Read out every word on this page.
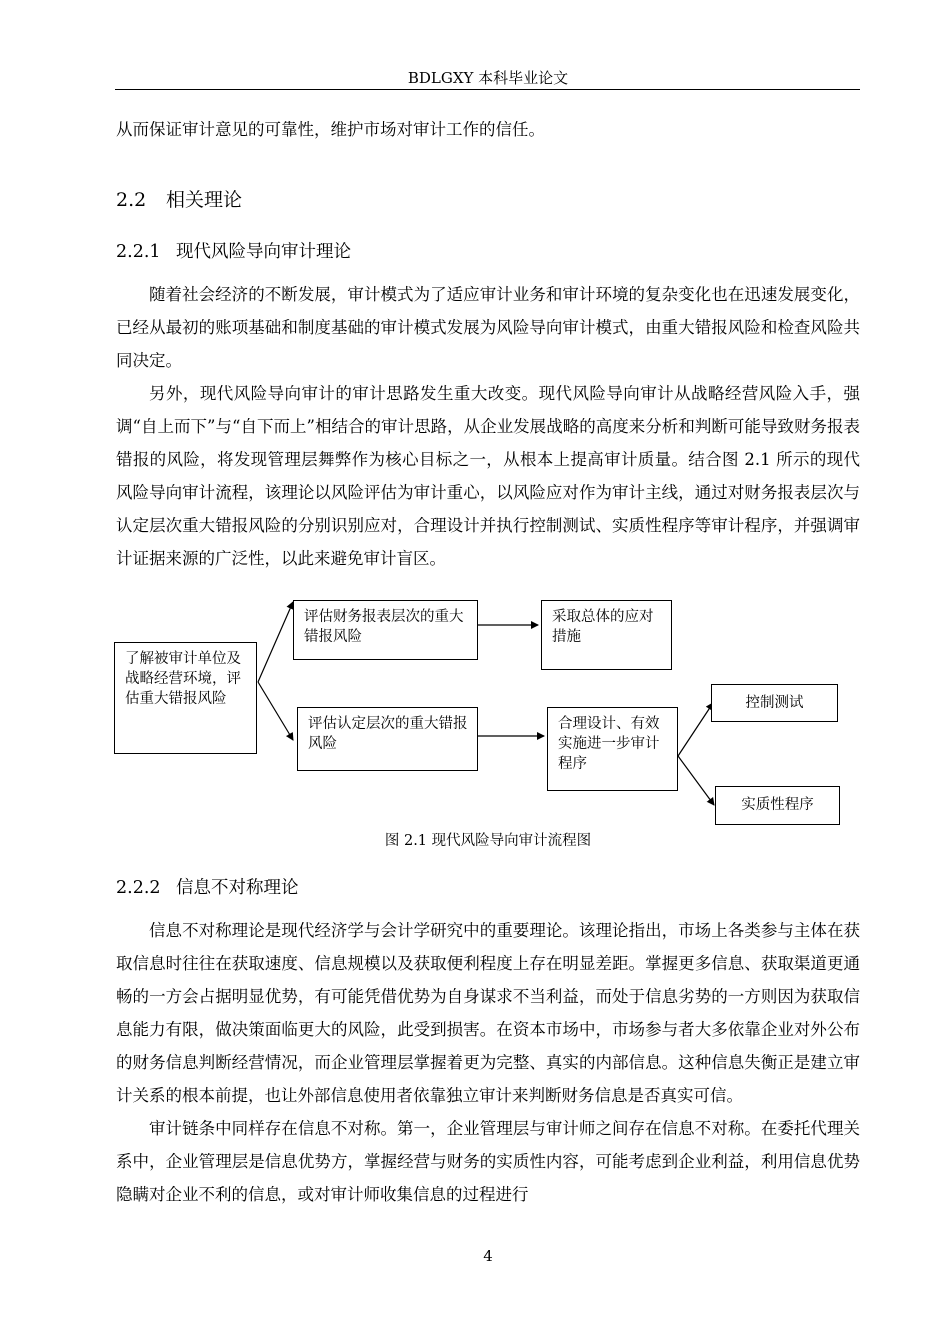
BDLGXY 本科毕业论文

从而保证审计意见的可靠性，维护市场对审计工作的信任。

2.2 相关理论
2.2.1 现代风险导向审计理论

随着社会经济的不断发展，审计模式为了适应审计业务和审计环境的复杂变化也在迅速发展变化，已经从最初的账项基础和制度基础的审计模式发展为风险导向审计模式，由重大错报风险和检查风险共同决定。

另外，现代风险导向审计的审计思路发生重大改变。现代风险导向审计从战略经营风险入手，强调“自上而下”与“自下而上”相结合的审计思路，从企业发展战略的高度来分析和判断可能导致财务报表错报的风险，将发现管理层舞弊作为核心目标之一，从根本上提高审计质量。结合图 2.1 所示的现代风险导向审计流程，该理论以风险评估为审计重心，以风险应对作为审计主线，通过对财务报表层次与认定层次重大错报风险的分别识别应对，合理设计并执行控制测试、实质性程序等审计程序，并强调审计证据来源的广泛性，以此来避免审计盲区。

了解被审计单位及战略经营环境，评估重大错报风险
评估财务报表层次的重大错报风险
采取总体的应对措施
评估认定层次的重大错报风险
合理设计、有效实施进一步审计程序
控制测试
实质性程序
图 2.1 现代风险导向审计流程图
2.2.2 信息不对称理论

信息不对称理论是现代经济学与会计学研究中的重要理论。该理论指出，市场上各类参与主体在获取信息时往往在获取速度、信息规模以及获取便利程度上存在明显差距。掌握更多信息、获取渠道更通畅的一方会占据明显优势，有可能凭借优势为自身谋求不当利益，而处于信息劣势的一方则因为获取信息能力有限，做决策面临更大的风险，此受到损害。在资本市场中，市场参与者大多依靠企业对外公布的财务信息判断经营情况，而企业管理层掌握着更为完整、真实的内部信息。这种信息失衡正是建立审计关系的根本前提，也让外部信息使用者依靠独立审计来判断财务信息是否真实可信。

审计链条中同样存在信息不对称。第一，企业管理层与审计师之间存在信息不对称。在委托代理关系中，企业管理层是信息优势方，掌握经营与财务的实质性内容，可能考虑到企业利益，利用信息优势隐瞒对企业不利的信息，或对审计师收集信息的过程进行

4
